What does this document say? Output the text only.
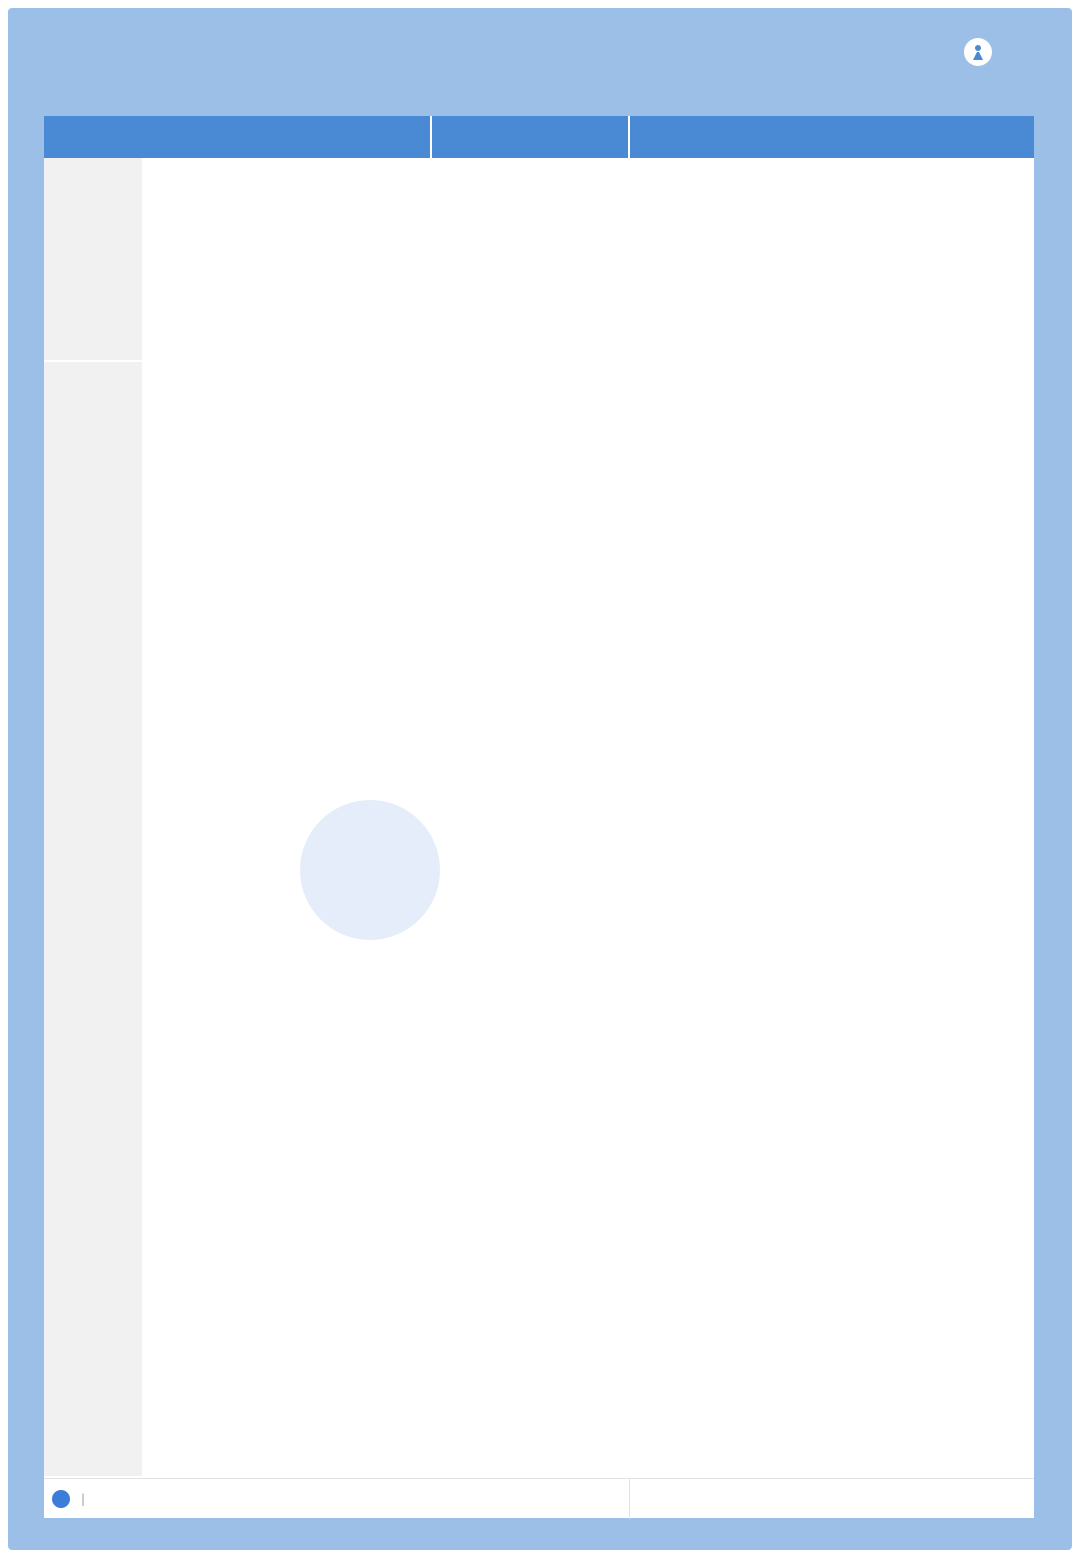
|
